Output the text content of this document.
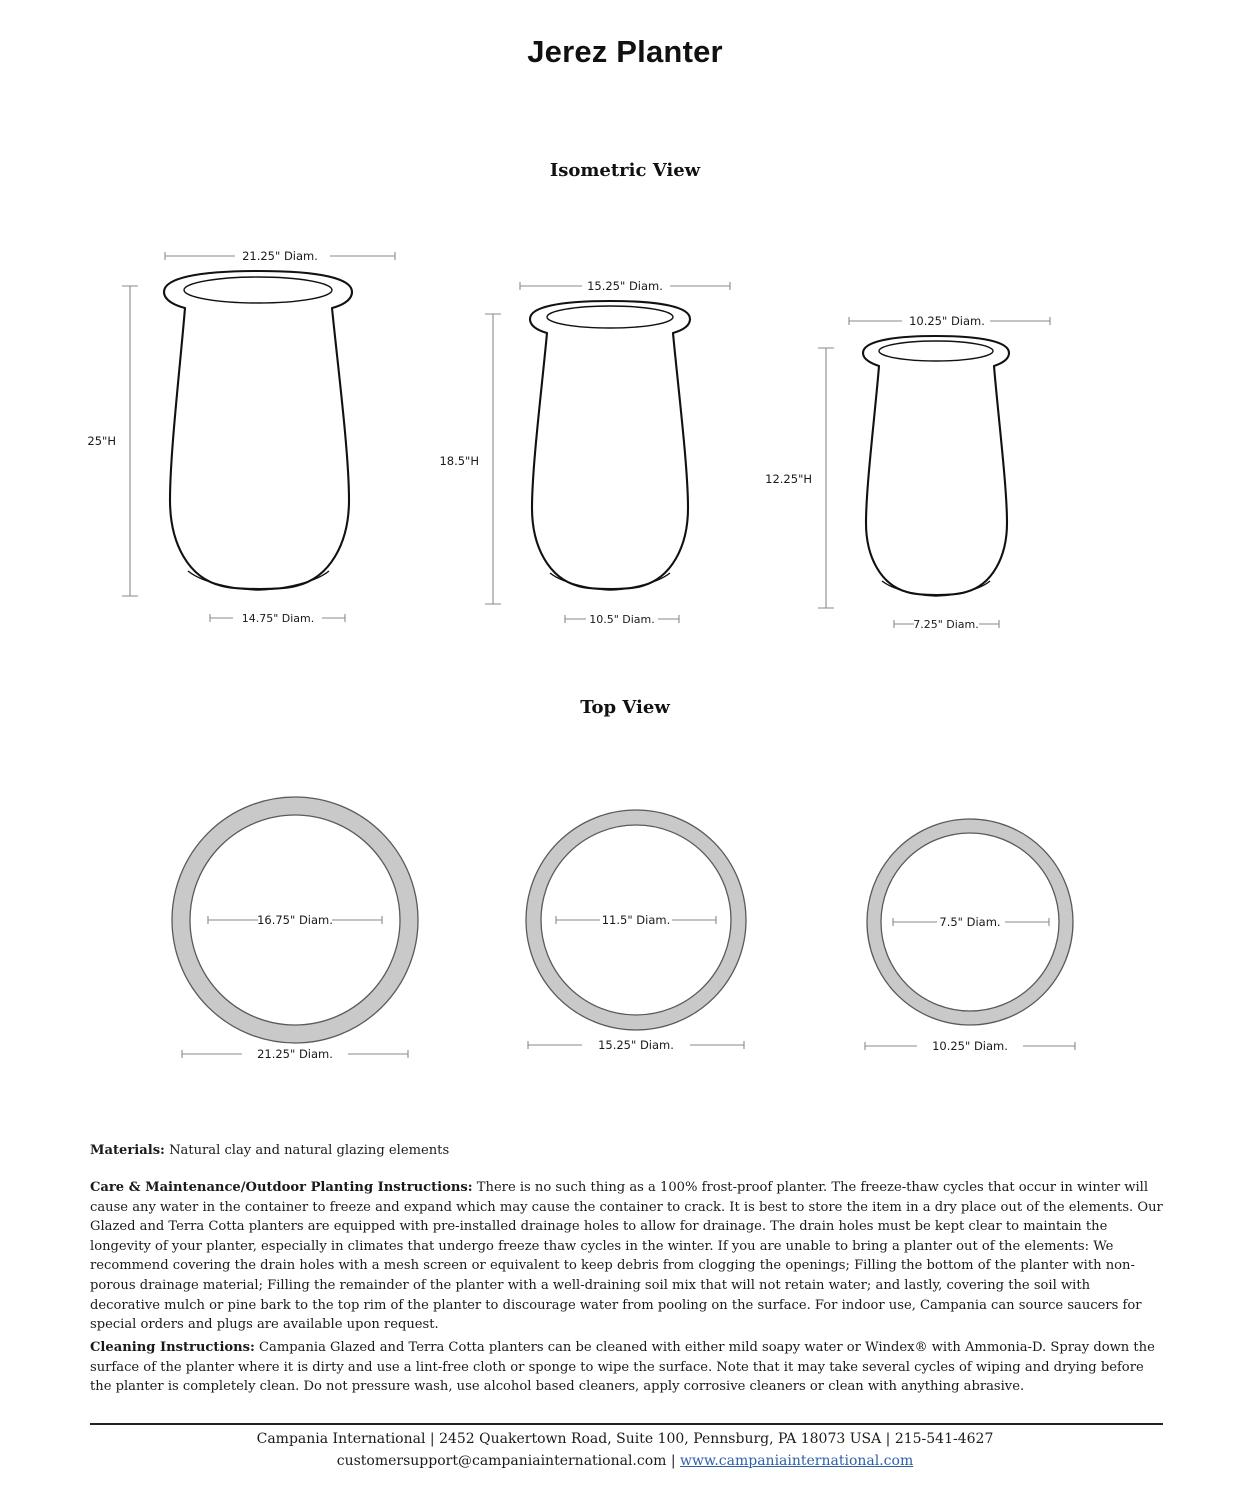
Jerez Planter
Isometric View
21.25" Diam.
25"H
14.75" Diam.
15.25" Diam.
18.5"H
10.5" Diam.
10.25" Diam.
12.25"H
7.25" Diam.
Top View
16.75" Diam.
21.25" Diam.
11.5" Diam.
15.25" Diam.
7.5" Diam.
10.25" Diam.
Materials: Natural clay and natural glazing elements
Care & Maintenance/Outdoor Planting Instructions: There is no such thing as a 100% frost-proof planter. The freeze-thaw cycles that occur in winter will cause any water in the container to freeze and expand which may cause the container to crack. It is best to store the item in a dry place out of the elements. Our Glazed and Terra Cotta planters are equipped with pre-installed drainage holes to allow for drainage. The drain holes must be kept clear to maintain the longevity of your planter, especially in climates that undergo freeze thaw cycles in the winter. If you are unable to bring a planter out of the elements: We recommend covering the drain holes with a mesh screen or equivalent to keep debris from clogging the openings; Filling the bottom of the planter with non-porous drainage material; Filling the remainder of the planter with a well-draining soil mix that will not retain water; and lastly, covering the soil with decorative mulch or pine bark to the top rim of the planter to discourage water from pooling on the surface. For indoor use, Campania can source saucers for special orders and plugs are available upon request.
Cleaning Instructions: Campania Glazed and Terra Cotta planters can be cleaned with either mild soapy water or Windex® with Ammonia-D. Spray down the surface of the planter where it is dirty and use a lint-free cloth or sponge to wipe the surface. Note that it may take several cycles of wiping and drying before the planter is completely clean. Do not pressure wash, use alcohol based cleaners, apply corrosive cleaners or clean with anything abrasive.
Campania International | 2452 Quakertown Road, Suite 100, Pennsburg, PA 18073 USA | 215-541-4627
customersupport@campaniainternational.com | www.campaniainternational.com
